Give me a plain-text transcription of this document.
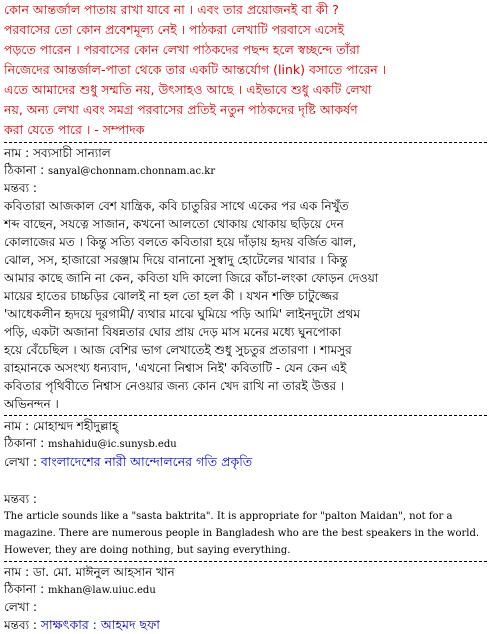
কোন আন্তর্জাল পাতায় রাখা যাবে না । এবং তার প্রয়োজনই বা কী ?
পরবাসের তো কোন প্রবেশমূল্য নেই । পাঠকরা লেখাটি পরবাসে এসেই
পড়তে পারেন । পরবাসের কোন লেখা পাঠকদের পছন্দ হলে স্বচ্ছন্দে তাঁরা
নিজেদের আন্তর্জাল-পাতা থেকে তার একটি আন্তর্যোগ (link) বসাতে পারেন ।
এতে আমাদের শুধু সম্মতি নয়, উৎসাহও আছে । এইভাবে শুধু একটি লেখা
নয়, অন্য লেখা এবং সমগ্র পরবাসের প্রতিই নতুন পাঠকদের দৃষ্টি আকর্ষণ
করা যেতে পারে । - সম্পাদক
নাম : সব্যসাচী সান্যাল
ঠিকানা : sanyal@chonnam.chonnam.ac.kr
মন্তব্য :
কবিতারা আজকাল বেশ যান্ত্রিক, কবি চাতুরির সাথে একের পর এক নিখুঁত
শব্দ বাছেন, সযত্নে সাজান, কখনো আলতো থোকায় থোকায় ছড়িয়ে দেন
কোলাজের মত । কিন্তু সত্যি বলতে কবিতারা হয়ে দাঁড়ায় হৃদয় বর্জিত ঝাল,
ঝোল, সস, হাজারো সরঞ্জাম দিয়ে বানানো সুস্বাদু হোটেলের খাবার । কিন্তু
আমার কাছে জানি না কেন, কবিতা যদি কালো জিরে কাঁচা-লংকা ফোড়ন দেওয়া
মায়ের হাতের চাচ্চড়ির ঝোলই না হল তো হল কী । যখন শক্তি চাটুজ্জের
'আধেকলীন হৃদয়ে দূরগামী/ ব্যথার মাঝে ঘুমিয়ে পড়ি আমি' লাইনদুটো প্রথম
পড়ি, একটা অজানা বিষন্নতার ঘোর প্রায় দেড় মাস মনের মধ্যে ঘুনপোকা
হয়ে বেঁচেছিল । আজ বেশির ভাগ লেখাতেই শুধু সুচতুর প্রতারণা । শামসুর
রাহমানকে অসংখ্য ধন্যবাদ, 'এখনো নিশ্বাস নিই' কবিতাটি - যেন কেন এই
কবিতার পৃথিবীতে নিশ্বাস নেওয়ার জন্য কোন খেদ রাখি না তারই উত্তর ।
অভিনন্দন ।
নাম : মোহাম্মদ শহীদুল্লাহ্
ঠিকানা : mshahidu@ic.sunysb.edu
লেখা : বাংলাদেশের নারী আন্দোলনের গতি প্রকৃতি
মন্তব্য :
The article sounds like a "sasta baktrita". It is appropriate for "palton Maidan", not for a magazine. There are numerous people in Bangladesh who are the best speakers in the world. However, they are doing nothing, but saying everything.
নাম : ডা. মো. মাঈনুল আহসান খান
ঠিকানা : mkhan@law.uiuc.edu
লেখা :
মন্তব্য : সাক্ষৎকার : আহমদ ছফা
